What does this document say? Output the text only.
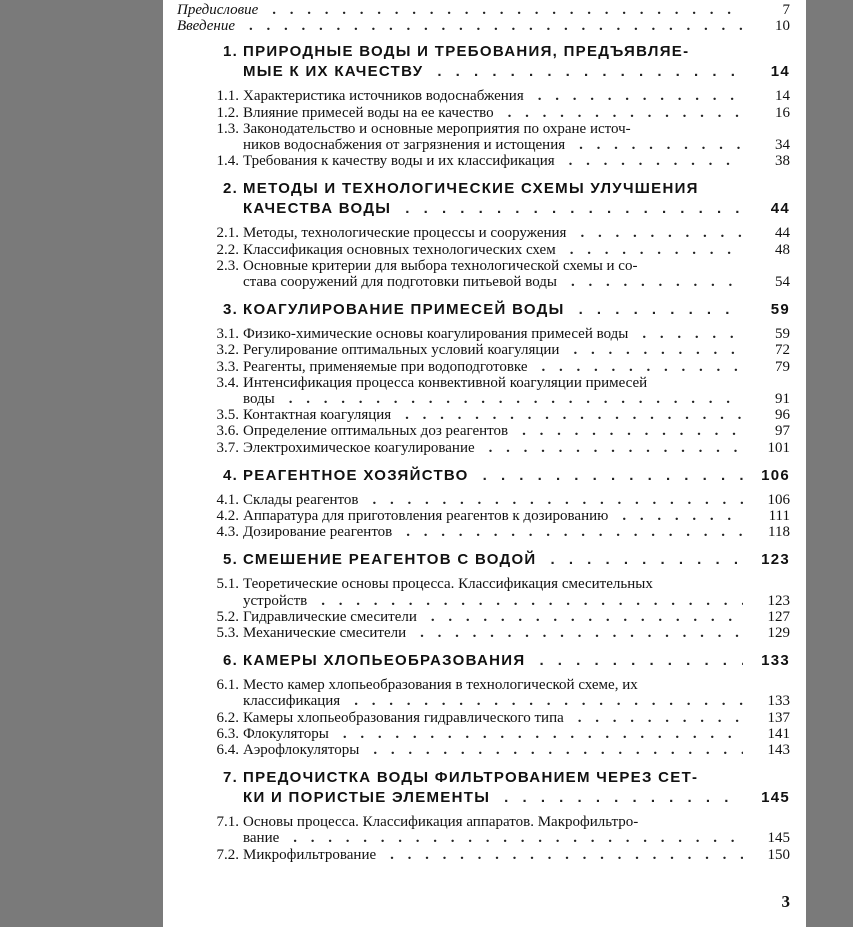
Предисловие . . .	7
Введение . . .	10
1. ПРИРОДНЫЕ ВОДЫ И ТРЕБОВАНИЯ, ПРЕДЪЯВЛЯЕ-
МЫЕ К ИХ КАЧЕСТВУ . . .	14
1.1. Характеристика источников водоснабжения . . .	14
1.2. Влияние примесей воды на ее качество . . .	16
1.3. Законодательство и основные мероприятия по охране источ-
ников водоснабжения от загрязнения и истощения . . .	34
1.4. Требования к качеству воды и их классификация . . .	38
2. МЕТОДЫ И ТЕХНОЛОГИЧЕСКИЕ СХЕМЫ УЛУЧШЕНИЯ
КАЧЕСТВА ВОДЫ . . .	44
2.1. Методы, технологические процессы и сооружения . . .	44
2.2. Классификация основных технологических схем . . .	48
2.3. Основные критерии для выбора технологической схемы и со-
става сооружений для подготовки питьевой воды . . .	54
3. КОАГУЛИРОВАНИЕ ПРИМЕСЕЙ ВОДЫ . . .	59
3.1. Физико-химические основы коагулирования примесей воды . . .	59
3.2. Регулирование оптимальных условий коагуляции . . .	72
3.3. Реагенты, применяемые при водоподготовке . . .	79
3.4. Интенсификация процесса конвективной коагуляции примесей
воды . . .	91
3.5. Контактная коагуляция . . .	96
3.6. Определение оптимальных доз реагентов . . .	97
3.7. Электрохимическое коагулирование . . .	101
4. РЕАГЕНТНОЕ ХОЗЯЙСТВО . . .	106
4.1. Склады реагентов . . .	106
4.2. Аппаратура для приготовления реагентов к дозированию . . .	111
4.3. Дозирование реагентов . . .	118
5. СМЕШЕНИЕ РЕАГЕНТОВ С ВОДОЙ . . .	123
5.1. Теоретические основы процесса. Классификация смесительных
устройств . . .	123
5.2. Гидравлические смесители . . .	127
5.3. Механические смесители . . .	129
6. КАМЕРЫ ХЛОПЬЕОБРАЗОВАНИЯ . . .	133
6.1. Место камер хлопьеобразования в технологической схеме, их
классификация . . .	133
6.2. Камеры хлопьеобразования гидравлического типа . . .	137
6.3. Флокуляторы . . .	141
6.4. Аэрофлокуляторы . . .	143
7. ПРЕДОЧИСТКА ВОДЫ ФИЛЬТРОВАНИЕМ ЧЕРЕЗ СЕТ-
КИ И ПОРИСТЫЕ ЭЛЕМЕНТЫ . . .	145
7.1. Основы процесса. Классификация аппаратов. Макрофильтро-
вание . . .	145
7.2. Микрофильтрование . . .	150
3
